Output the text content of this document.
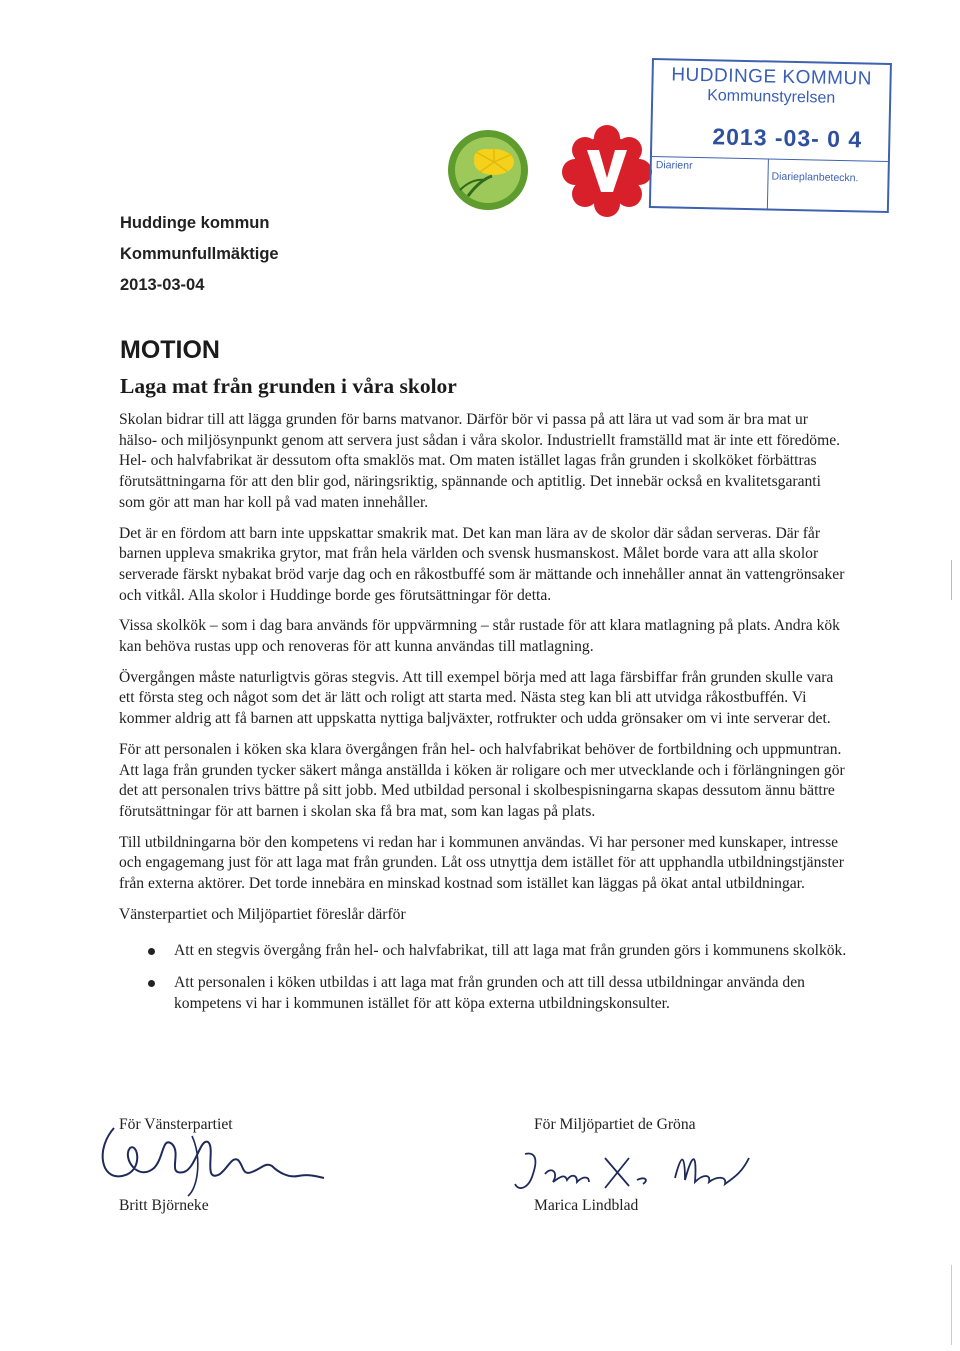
HUDDINGE KOMMUN
Kommunstyrelsen
2013 -03- 0 4
Diarienr
Diarieplanbeteckn.
Huddinge kommun
Kommunfullmäktige
2013-03-04
MOTION
Laga mat från grunden i våra skolor

Skolan bidrar till att lägga grunden för barns matvanor. Därför bör vi passa på att lära ut vad som är bra mat ur hälso- och miljösynpunkt genom att servera just sådan i våra skolor. Industriellt framställd mat är inte ett föredöme. Hel- och halvfabrikat är dessutom ofta smaklös mat. Om maten istället lagas från grunden i skolköket förbättras förutsättningarna för att den blir god, näringsriktig, spännande och aptitlig. Det innebär också en kvalitetsgaranti som gör att man har koll på vad maten innehåller.

Det är en fördom att barn inte uppskattar smakrik mat. Det kan man lära av de skolor där sådan serveras. Där får barnen uppleva smakrika grytor, mat från hela världen och svensk husmanskost. Målet borde vara att alla skolor serverade färskt nybakat bröd varje dag och en råkostbuffé som är mättande och innehåller annat än vattengrönsaker och vitkål. Alla skolor i Huddinge borde ges förutsättningar för detta.

Vissa skolkök – som i dag bara används för uppvärmning – står rustade för att klara matlagning på plats. Andra kök kan behöva rustas upp och renoveras för att kunna användas till matlagning.

Övergången måste naturligtvis göras stegvis. Att till exempel börja med att laga färsbiffar från grunden skulle vara ett första steg och något som det är lätt och roligt att starta med. Nästa steg kan bli att utvidga råkostbuffén. Vi kommer aldrig att få barnen att uppskatta nyttiga baljväxter, rotfrukter och udda grönsaker om vi inte serverar det.

För att personalen i köken ska klara övergången från hel- och halvfabrikat behöver de fortbildning och uppmuntran. Att laga från grunden tycker säkert många anställda i köken är roligare och mer utvecklande och i förlängningen gör det att personalen trivs bättre på sitt jobb. Med utbildad personal i skolbespisningarna skapas dessutom ännu bättre förutsättningar för att barnen i skolan ska få bra mat, som kan lagas på plats.

Till utbildningarna bör den kompetens vi redan har i kommunen användas. Vi har personer med kunskaper, intresse och engagemang just för att laga mat från grunden. Låt oss utnyttja dem istället för att upphandla utbildningstjänster från externa aktörer. Det torde innebära en minskad kostnad som istället kan läggas på ökat antal utbildningar.

Vänsterpartiet och Miljöpartiet föreslår därför

Att en stegvis övergång från hel- och halvfabrikat, till att laga mat från grunden görs i kommunens skolkök.
Att personalen i köken utbildas i att laga mat från grunden och att till dessa utbildningar använda den kompetens vi har i kommunen istället för att köpa externa utbildningskonsulter.
För Vänsterpartiet	För Miljöpartiet de Gröna
Britt Björneke	Marica Lindblad
